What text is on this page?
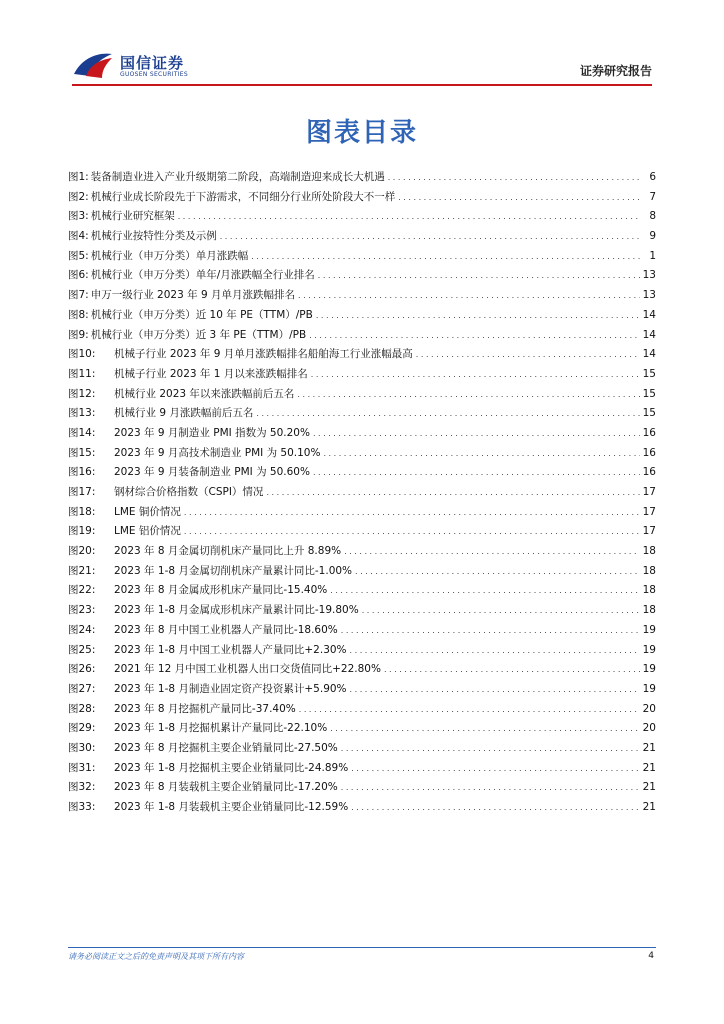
国信证券
GUOSEN SECURITIES	证券研究报告
图表目录
图1: 装备制造业进入产业升级期第二阶段，高端制造迎来成长大机遇 . . .	6
图2: 机械行业成长阶段先于下游需求，不同细分行业所处阶段大不一样 . . .	7
图3: 机械行业研究框架 . . .	8
图4: 机械行业按特性分类及示例 . . .	9
图5: 机械行业（申万分类）单月涨跌幅 . . .	1
图6: 机械行业（申万分类）单年/月涨跌幅全行业排名 . . .	13
图7: 申万一级行业 2023 年 9 月单月涨跌幅排名 . . .	13
图8: 机械行业（申万分类）近 10 年 PE（TTM）/PB . . .	14
图9: 机械行业（申万分类）近 3 年 PE（TTM）/PB . . .	14
图10:	机械子行业 2023 年 9 月单月涨跌幅排名船舶海工行业涨幅最高 . . .	14
图11:	机械子行业 2023 年 1 月以来涨跌幅排名 . . .	15
图12:	机械行业 2023 年以来涨跌幅前后五名 . . .	15
图13:	机械行业 9 月涨跌幅前后五名 . . .	15
图14:	2023 年 9 月制造业 PMI 指数为 50.20% . . .	16
图15:	2023 年 9 月高技术制造业 PMI 为 50.10% . . .	16
图16:	2023 年 9 月装备制造业 PMI 为 50.60% . . .	16
图17:	钢材综合价格指数（CSPI）情况 . . .	17
图18:	LME 铜价情况 . . .	17
图19:	LME 铝价情况 . . .	17
图20:	2023 年 8 月金属切削机床产量同比上升 8.89% . . .	18
图21:	2023 年 1-8 月金属切削机床产量累计同比-1.00% . . .	18
图22:	2023 年 8 月金属成形机床产量同比-15.40% . . .	18
图23:	2023 年 1-8 月金属成形机床产量累计同比-19.80% . . .	18
图24:	2023 年 8 月中国工业机器人产量同比-18.60% . . .	19
图25:	2023 年 1-8 月中国工业机器人产量同比+2.30% . . .	19
图26:	2021 年 12 月中国工业机器人出口交货值同比+22.80% . . .	19
图27:	2023 年 1-8 月制造业固定资产投资累计+5.90% . . .	19
图28:	2023 年 8 月挖掘机产量同比-37.40% . . .	20
图29:	2023 年 1-8 月挖掘机累计产量同比-22.10% . . .	20
图30:	2023 年 8 月挖掘机主要企业销量同比-27.50% . . .	21
图31:	2023 年 1-8 月挖掘机主要企业销量同比-24.89% . . .	21
图32:	2023 年 8 月装载机主要企业销量同比-17.20% . . .	21
图33:	2023 年 1-8 月装载机主要企业销量同比-12.59% . . .	21
请务必阅读正文之后的免责声明及其项下所有内容	4
